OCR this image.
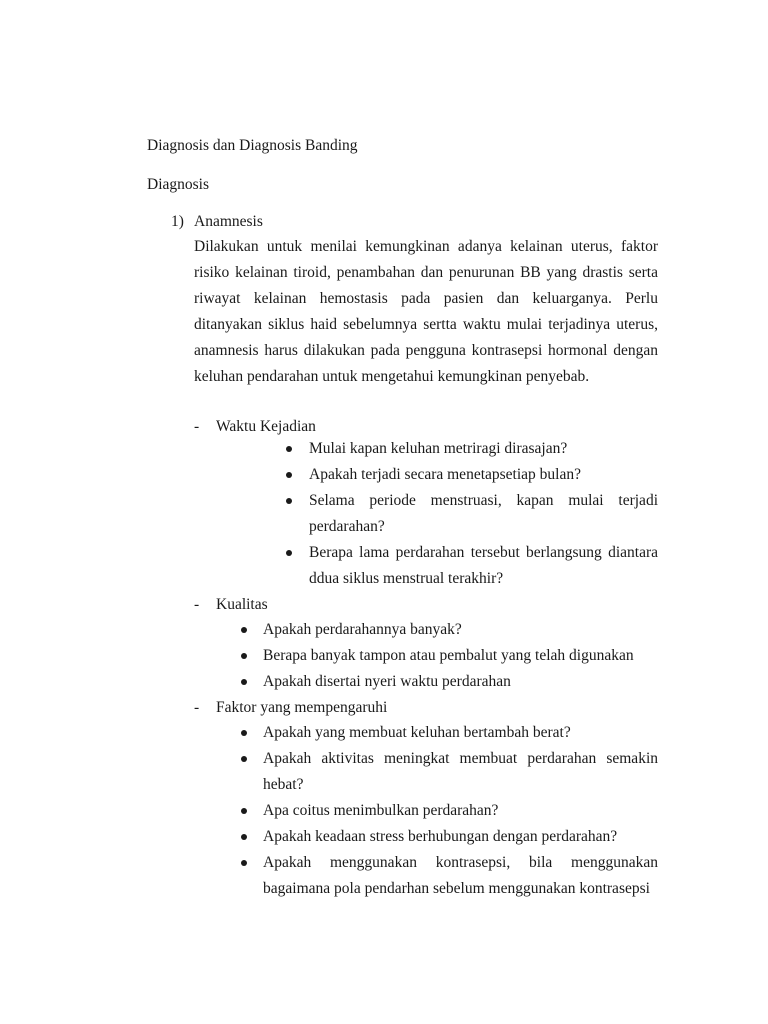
Diagnosis dan Diagnosis Banding
Diagnosis
1) Anamnesis
Dilakukan untuk menilai kemungkinan adanya kelainan uterus, faktor
risiko kelainan tiroid, penambahan dan penurunan BB yang drastis serta
riwayat kelainan hemostasis pada pasien dan keluarganya. Perlu
ditanyakan siklus haid sebelumnya sertta waktu mulai terjadinya uterus,
anamnesis harus dilakukan pada pengguna kontrasepsi hormonal dengan
keluhan pendarahan untuk mengetahui kemungkinan penyebab.
- Waktu Kejadian
Mulai kapan keluhan metriragi dirasajan?
Apakah terjadi secara menetapsetiap bulan?
Selama periode menstruasi, kapan mulai terjadi
perdarahan?
Berapa lama perdarahan tersebut berlangsung diantara
ddua siklus menstrual terakhir?
- Kualitas
Apakah perdarahannya banyak?
Berapa banyak tampon atau pembalut yang telah digunakan
Apakah disertai nyeri waktu perdarahan
- Faktor yang mempengaruhi
Apakah yang membuat keluhan bertambah berat?
Apakah aktivitas meningkat membuat perdarahan semakin
hebat?
Apa coitus menimbulkan perdarahan?
Apakah keadaan stress berhubungan dengan perdarahan?
Apakah menggunakan kontrasepsi, bila menggunakan
bagaimana pola pendarhan sebelum menggunakan kontrasepsi
